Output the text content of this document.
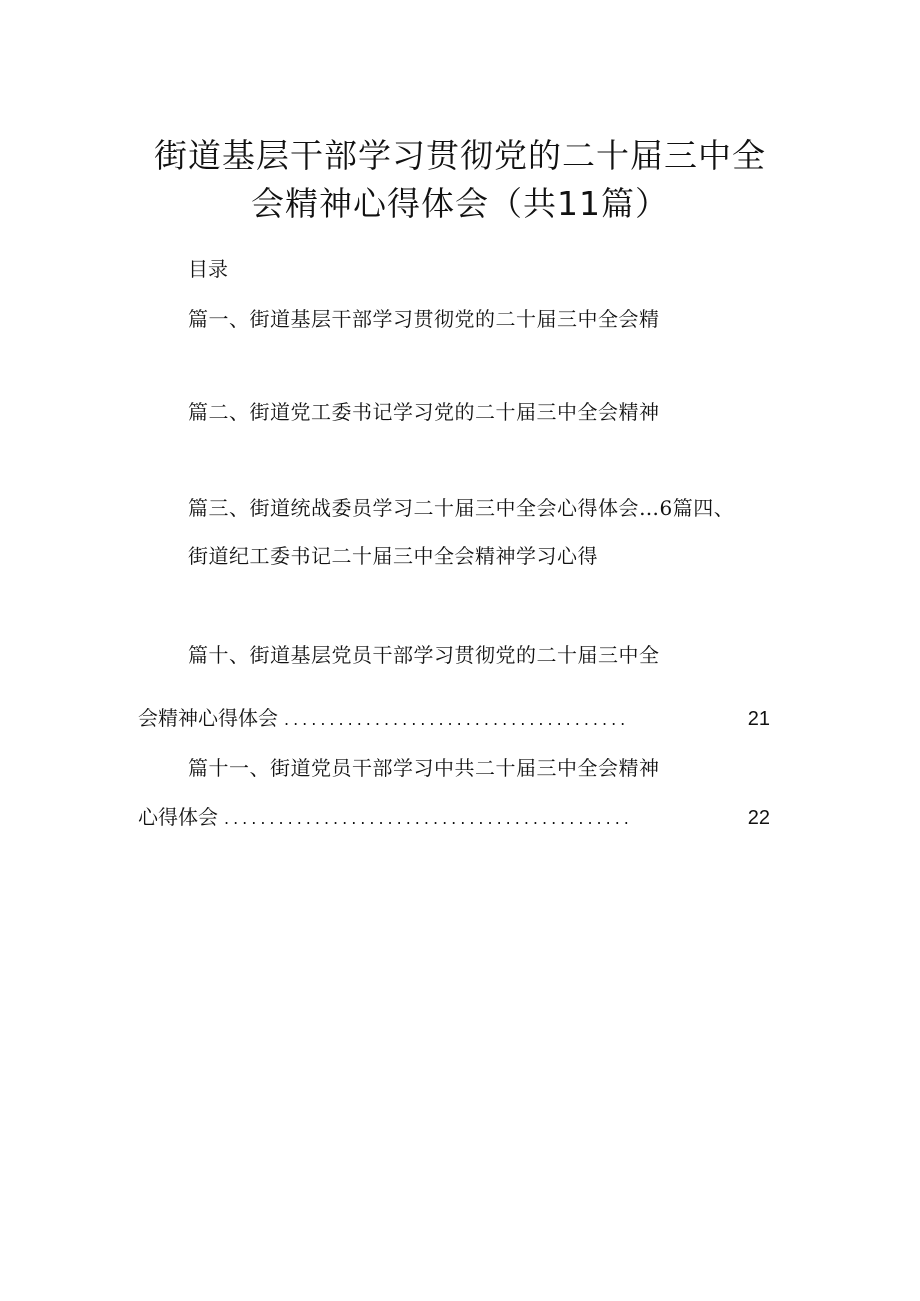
街道基层干部学习贯彻党的二十届三中全
会精神心得体会（共11篇）
目录
篇一、街道基层干部学习贯彻党的二十届三中全会精
篇二、街道党工委书记学习党的二十届三中全会精神
篇三、街道统战委员学习二十届三中全会心得体会…6篇四、
街道纪工委书记二十届三中全会精神学习心得
篇十、街道基层党员干部学习贯彻党的二十届三中全
会精神心得体会 ......................................	21
篇十一、街道党员干部学习中共二十届三中全会精神
心得体会 .............................................	22
